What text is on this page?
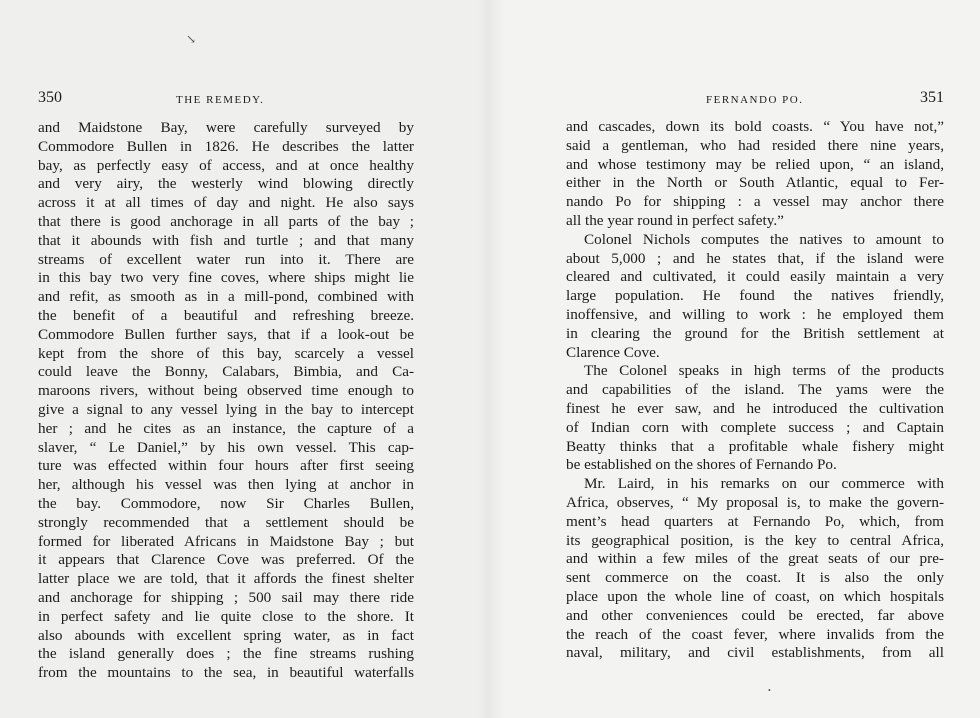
↘
350	THE REMEDY.
and Maidstone Bay, were carefully surveyed by
Commodore Bullen in 1826. He describes the latter
bay, as perfectly easy of access, and at once healthy
and very airy, the westerly wind blowing directly
across it at all times of day and night. He also says
that there is good anchorage in all parts of the bay ;
that it abounds with fish and turtle ; and that many
streams of excellent water run into it. There are
in this bay two very fine coves, where ships might lie
and refit, as smooth as in a mill-pond, combined with
the benefit of a beautiful and refreshing breeze.
Commodore Bullen further says, that if a look-out be
kept from the shore of this bay, scarcely a vessel
could leave the Bonny, Calabars, Bimbia, and Ca-
maroons rivers, without being observed time enough to
give a signal to any vessel lying in the bay to intercept
her ; and he cites as an instance, the capture of a
slaver, “ Le Daniel,” by his own vessel. This cap-
ture was effected within four hours after first seeing
her, although his vessel was then lying at anchor in
the bay. Commodore, now Sir Charles Bullen,
strongly recommended that a settlement should be
formed for liberated Africans in Maidstone Bay ; but
it appears that Clarence Cove was preferred. Of the
latter place we are told, that it affords the finest shelter
and anchorage for shipping ; 500 sail may there ride
in perfect safety and lie quite close to the shore. It
also abounds with excellent spring water, as in fact
the island generally does ; the fine streams rushing
from the mountains to the sea, in beautiful waterfalls
FERNANDO PO.	351
and cascades, down its bold coasts. “ You have not,”
said a gentleman, who had resided there nine years,
and whose testimony may be relied upon, “ an island,
either in the North or South Atlantic, equal to Fer-
nando Po for shipping : a vessel may anchor there
all the year round in perfect safety.”
Colonel Nichols computes the natives to amount to
about 5,000 ; and he states that, if the island were
cleared and cultivated, it could easily maintain a very
large population. He found the natives friendly,
inoffensive, and willing to work : he employed them
in clearing the ground for the British settlement at
Clarence Cove.
The Colonel speaks in high terms of the products
and capabilities of the island. The yams were the
finest he ever saw, and he introduced the cultivation
of Indian corn with complete success ; and Captain
Beatty thinks that a profitable whale fishery might
be established on the shores of Fernando Po.
Mr. Laird, in his remarks on our commerce with
Africa, observes, “ My proposal is, to make the govern-
ment’s head quarters at Fernando Po, which, from
its geographical position, is the key to central Africa,
and within a few miles of the great seats of our pre-
sent commerce on the coast. It is also the only
place upon the whole line of coast, on which hospitals
and other conveniences could be erected, far above
the reach of the coast fever, where invalids from the
naval, military, and civil establishments, from all
•
